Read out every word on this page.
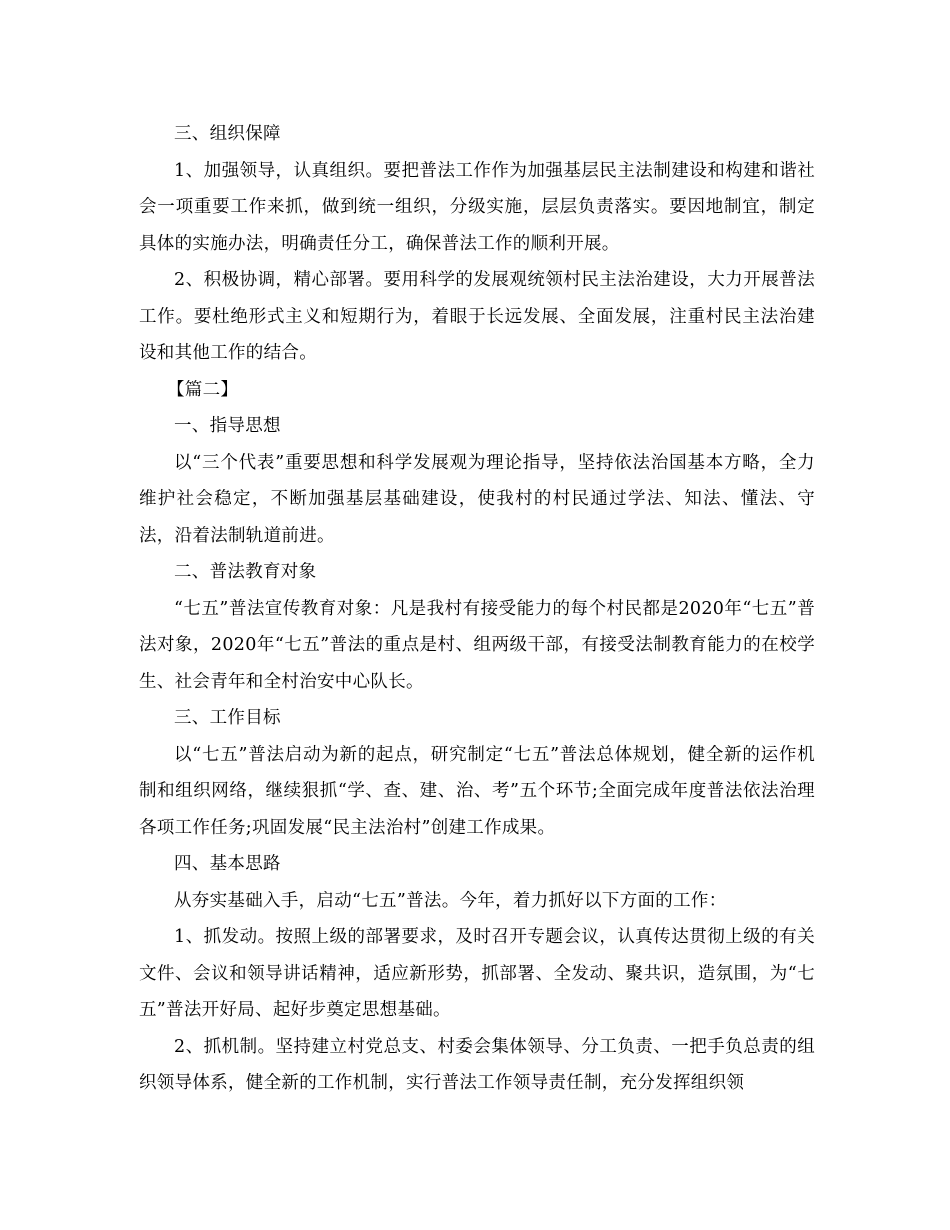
三、组织保障

1、加强领导，认真组织。要把普法工作作为加强基层民主法制建设和构建和谐社会一项重要工作来抓，做到统一组织，分级实施，层层负责落实。要因地制宜，制定具体的实施办法，明确责任分工，确保普法工作的顺利开展。

2、积极协调，精心部署。要用科学的发展观统领村民主法治建设，大力开展普法工作。要杜绝形式主义和短期行为，着眼于长远发展、全面发展，注重村民主法治建设和其他工作的结合。

【篇二】

一、指导思想

以“三个代表”重要思想和科学发展观为理论指导，坚持依法治国基本方略，全力维护社会稳定，不断加强基层基础建设，使我村的村民通过学法、知法、懂法、守法，沿着法制轨道前进。

二、普法教育对象

“七五”普法宣传教育对象：凡是我村有接受能力的每个村民都是2020年“七五”普法对象，2020年“七五”普法的重点是村、组两级干部，有接受法制教育能力的在校学生、社会青年和全村治安中心队长。

三、工作目标

以“七五”普法启动为新的起点，研究制定“七五”普法总体规划，健全新的运作机制和组织网络，继续狠抓“学、查、建、治、考”五个环节;全面完成年度普法依法治理各项工作任务;巩固发展“民主法治村”创建工作成果。

四、基本思路

从夯实基础入手，启动“七五”普法。今年，着力抓好以下方面的工作：

1、抓发动。按照上级的部署要求，及时召开专题会议，认真传达贯彻上级的有关文件、会议和领导讲话精神，适应新形势，抓部署、全发动、聚共识，造氛围，为“七五”普法开好局、起好步奠定思想基础。

2、抓机制。坚持建立村党总支、村委会集体领导、分工负责、一把手负总责的组织领导体系，健全新的工作机制，实行普法工作领导责任制，充分发挥组织领
